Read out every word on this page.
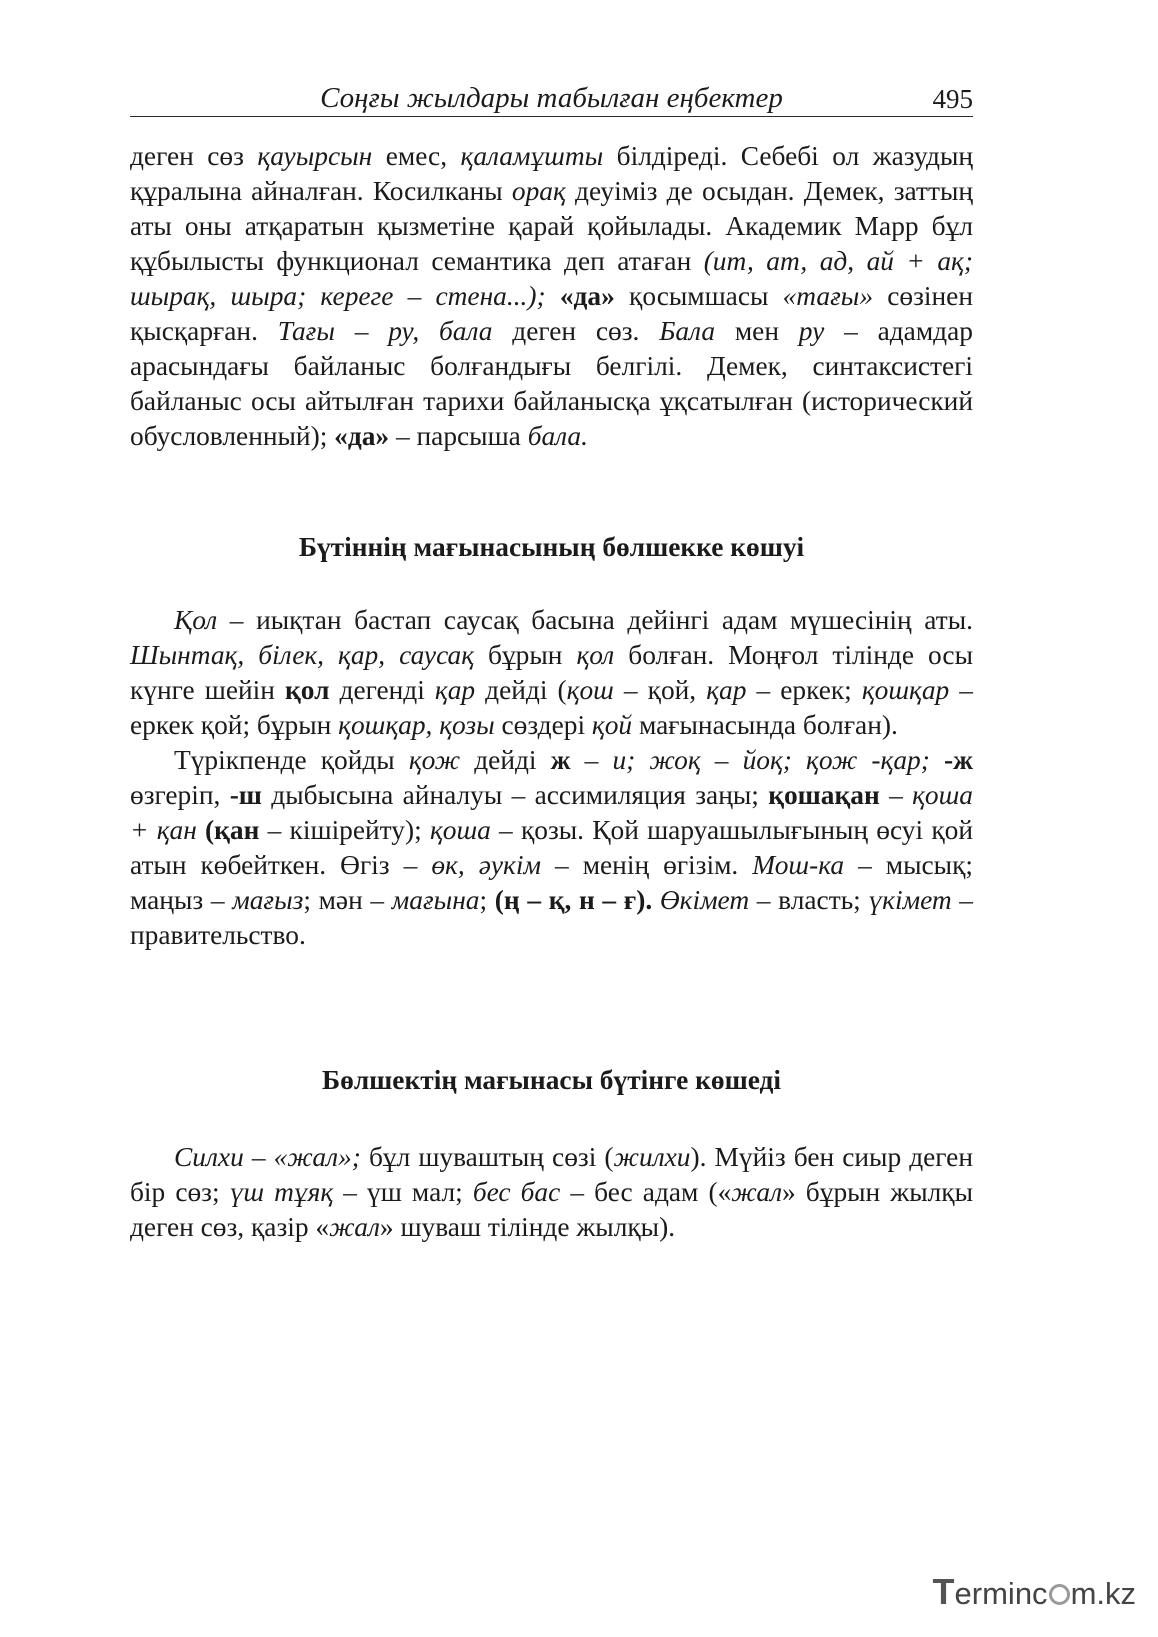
Соңғы жылдары табылған еңбектер	495

деген сөз қауырсын емес, қаламұшты білдіреді. Себебі ол жазудың құралына айналған. Косилканы орақ деуіміз де осыдан. Демек, заттың аты оны атқаратын қызметіне қарай қойылады. Академик Марр бұл құбылысты функционал семантика деп атаған (ит, ат, ад, ай + ақ; шырақ, шыра; кереге – стена...); «да» қосымшасы «тағы» сөзінен қысқарған. Тағы – ру, бала деген сөз. Бала мен ру – адамдар арасындағы байланыс болғандығы белгілі. Демек, синтаксистегі байланыс осы айтылған тарихи байланысқа ұқсатылған (исторический обусловленный); «да» – парсыша бала.

Бүтіннің мағынасының бөлшекке көшуі

Қол – иықтан бастап саусақ басына дейінгі адам мүшесінің аты. Шынтақ, білек, қар, саусақ бұрын қол болған. Моңғол тілінде осы күнге шейін қол дегенді қар дейді (қош – қой, қар – еркек; қошқар – еркек қой; бұрын қошқар, қозы сөздері қой мағынасында болған).

Түрікпенде қойды қож дейді ж – и; жоқ – йоқ; қож -қар; -ж өзгеріп, -ш дыбысына айналуы – ассимиляция заңы; қошақан – қоша + қан (қан – кішірейту); қоша – қозы. Қой шаруашылығының өсуі қой атын көбейткен. Өгіз – өк, әукім – менің өгізім. Мош-ка – мысық; маңыз – мағыз; мән – мағына; (ң – қ, н – ғ). Өкімет – власть; үкімет – правительство.

Бөлшектің мағынасы бүтінге көшеді

Силхи – «жал»; бұл шуваштың сөзі (жилхи). Мүйіз бен сиыр деген бір сөз; үш тұяқ – үш мал; бес бас – бес адам («жал» бұрын жылқы деген сөз, қазір «жал» шуваш тілінде жылқы).

Terminc m.kz
